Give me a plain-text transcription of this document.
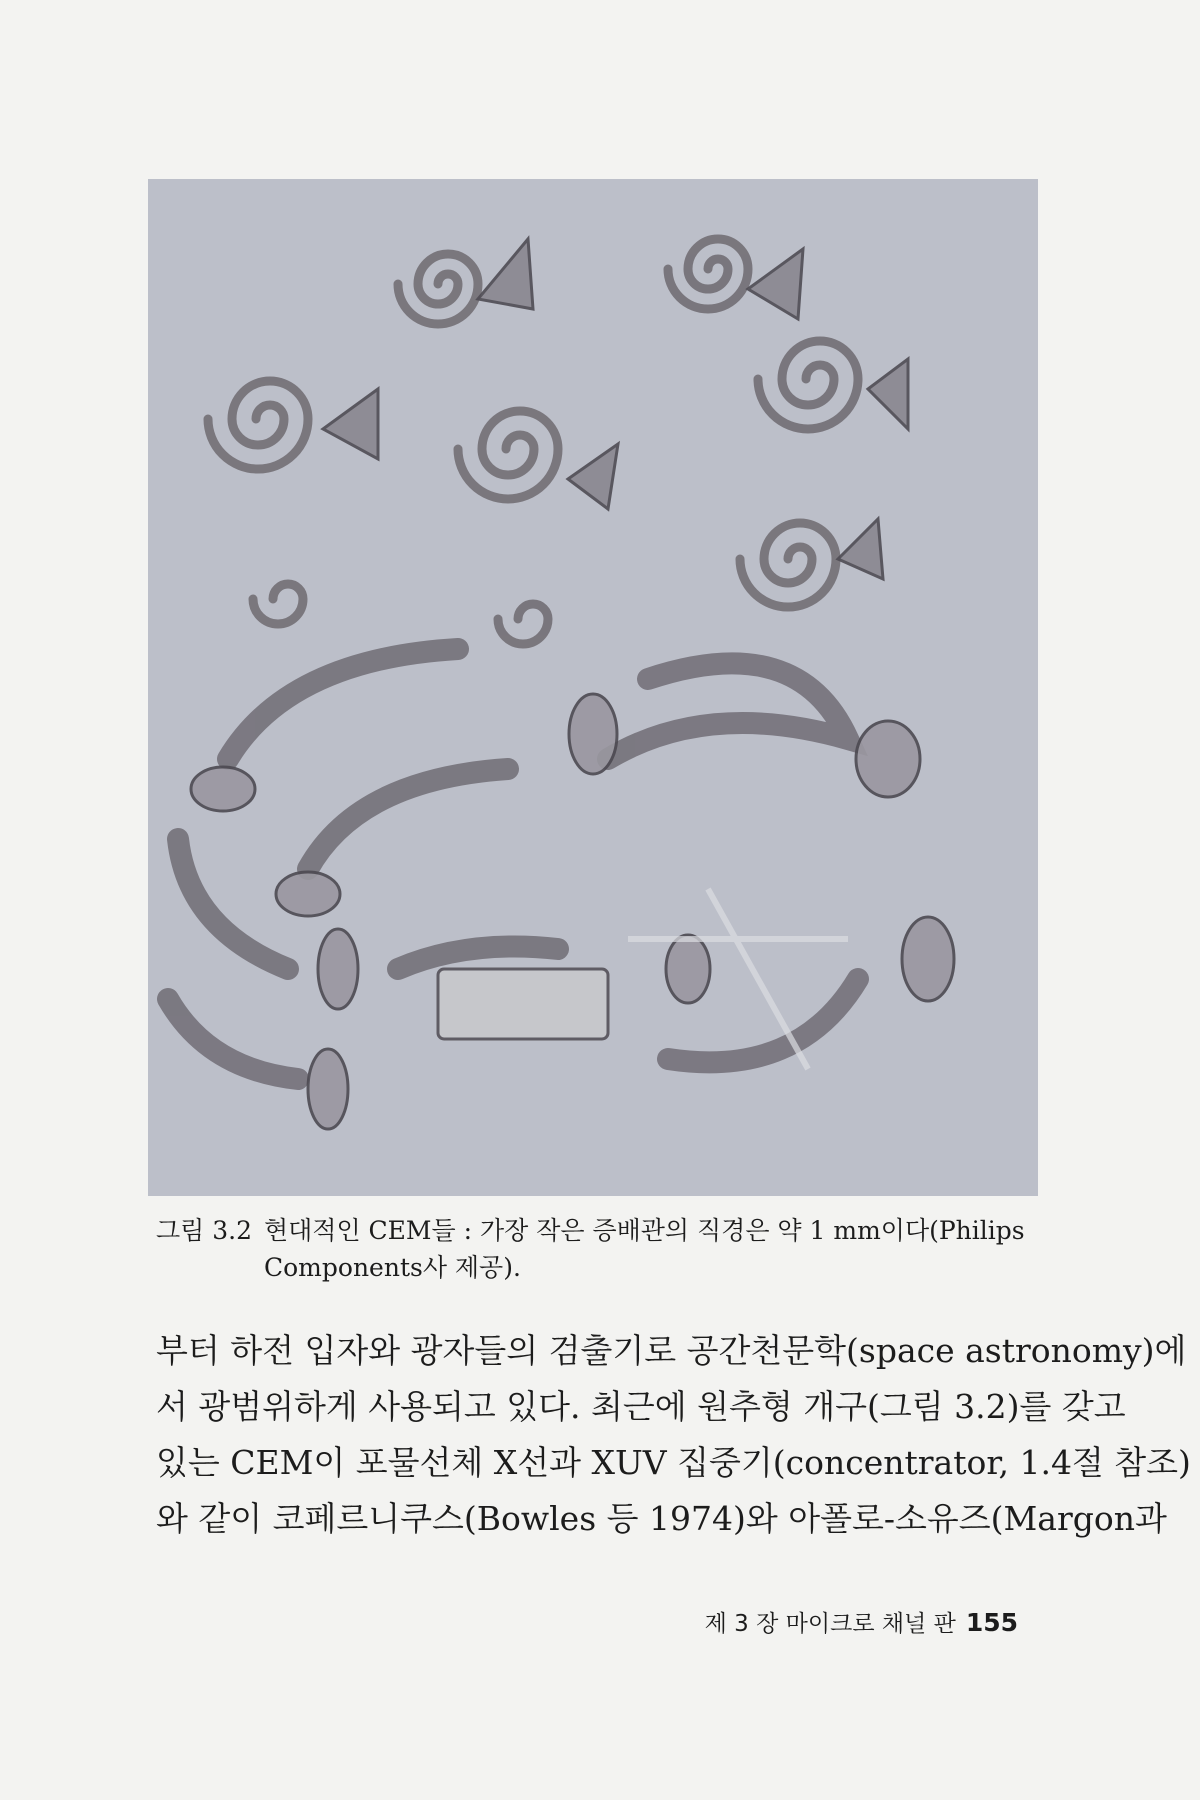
그림 3.2 현대적인 CEM들 : 가장 작은 증배관의 직경은 약 1 mm이다(Philips
Components사 제공).

부터 하전 입자와 광자들의 검출기로 공간천문학(space astronomy)에

서 광범위하게 사용되고 있다. 최근에 원추형 개구(그림 3.2)를 갖고

있는 CEM이 포물선체 X선과 XUV 집중기(concentrator, 1.4절 참조)

와 같이 코페르니쿠스(Bowles 등 1974)와 아폴로-소유즈(Margon과

제 3 장 마이크로 채널 판 155
